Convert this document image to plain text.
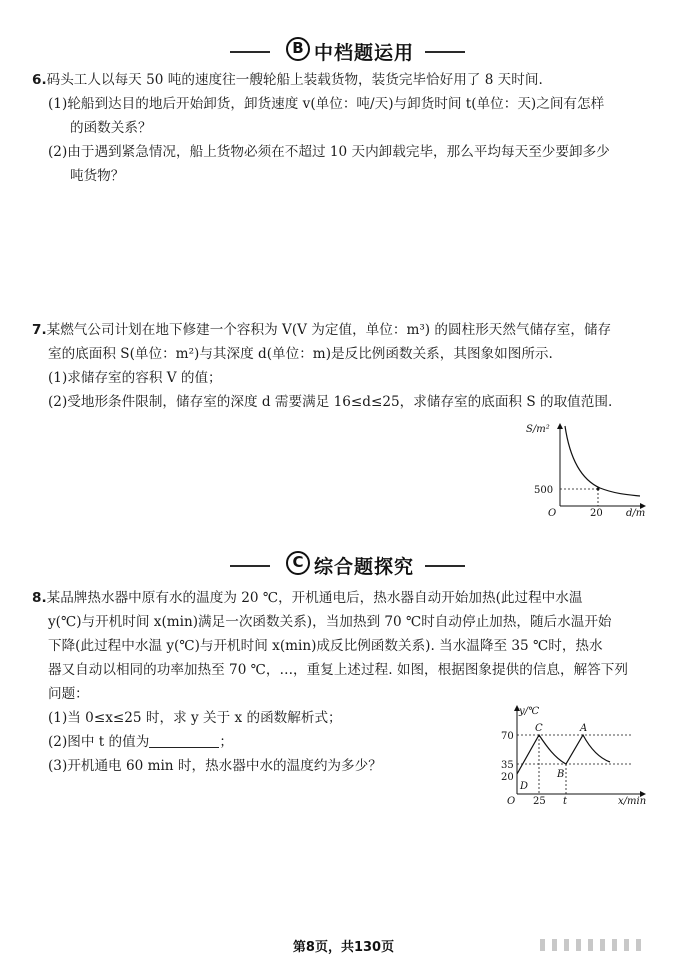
B 中档题运用
6.码头工人以每天 50 吨的速度往一艘轮船上装载货物，装货完毕恰好用了 8 天时间.
(1)轮船到达目的地后开始卸货，卸货速度 v(单位：吨/天)与卸货时间 t(单位：天)之间有怎样
的函数关系？
(2)由于遇到紧急情况，船上货物必须在不超过 10 天内卸载完毕，那么平均每天至少要卸多少
吨货物？
7.某燃气公司计划在地下修建一个容积为 V(V 为定值，单位：m³) 的圆柱形天然气储存室，储存
室的底面积 S(单位：m²)与其深度 d(单位：m)是反比例函数关系，其图象如图所示.
(1)求储存室的容积 V 的值；
(2)受地形条件限制，储存室的深度 d 需要满足 16≤d≤25，求储存室的底面积 S 的取值范围.
S/m²
500
O	20 d/m
C 综合题探究
8.某品牌热水器中原有水的温度为 20 ℃，开机通电后，热水器自动开始加热(此过程中水温
y(℃)与开机时间 x(min)满足一次函数关系)，当加热到 70 ℃时自动停止加热，随后水温开始
下降(此过程中水温 y(℃)与开机时间 x(min)成反比例函数关系). 当水温降至 35 ℃时，热水
器又自动以相同的功率加热至 70 ℃，…，重复上述过程. 如图，根据图象提供的信息，解答下列
问题：
(1)当 0≤x≤25 时，求 y 关于 x 的函数解析式；
(2)图中 t 的值为	；
(3)开机通电 60 min 时，热水器中水的温度约为多少？
y/℃
70
35
20
O 25 t	x/min
C	A
B
D
第8页，共130页
